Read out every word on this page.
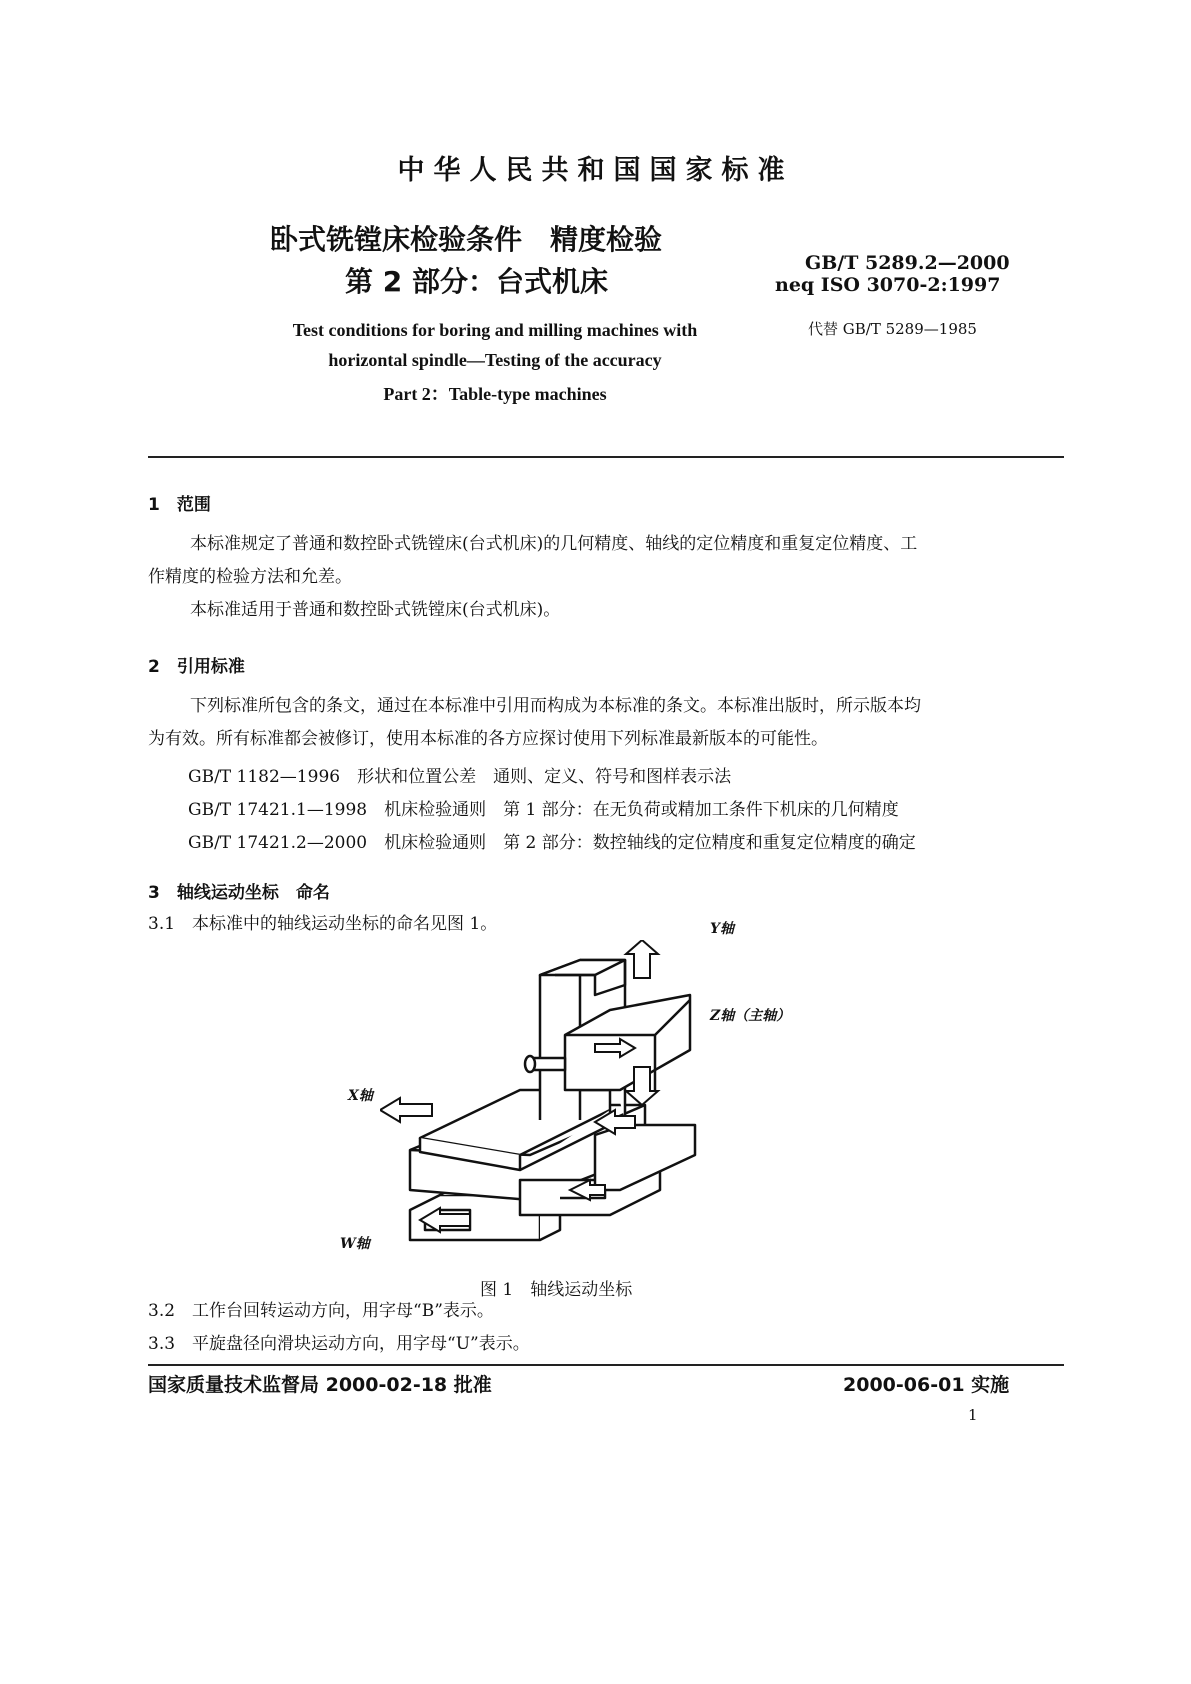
中华人民共和国国家标准
卧式铣镗床检验条件　精度检验
第 2 部分：台式机床
GB/T 5289.2—2000
neq ISO 3070-2:1997
代替 GB/T 5289—1985
Test conditions for boring and milling machines with
horizontal spindle—Testing of the accuracy
Part 2：Table-type machines
1　范围
本标准规定了普通和数控卧式铣镗床(台式机床)的几何精度、轴线的定位精度和重复定位精度、工
作精度的检验方法和允差。
本标准适用于普通和数控卧式铣镗床(台式机床)。
2　引用标准
下列标准所包含的条文，通过在本标准中引用而构成为本标准的条文。本标准出版时，所示版本均
为有效。所有标准都会被修订，使用本标准的各方应探讨使用下列标准最新版本的可能性。
GB/T 1182—1996　形状和位置公差　通则、定义、符号和图样表示法
GB/T 17421.1—1998　机床检验通则　第 1 部分：在无负荷或精加工条件下机床的几何精度
GB/T 17421.2—2000　机床检验通则　第 2 部分：数控轴线的定位精度和重复定位精度的确定
3　轴线运动坐标　命名
3.1　本标准中的轴线运动坐标的命名见图 1。	Y轴
Z轴（主轴）
X轴
W轴
图 1　轴线运动坐标
3.2　工作台回转运动方向，用字母“B”表示。
3.3　平旋盘径向滑块运动方向，用字母“U”表示。
国家质量技术监督局 2000-02-18 批准	2000-06-01 实施
1
